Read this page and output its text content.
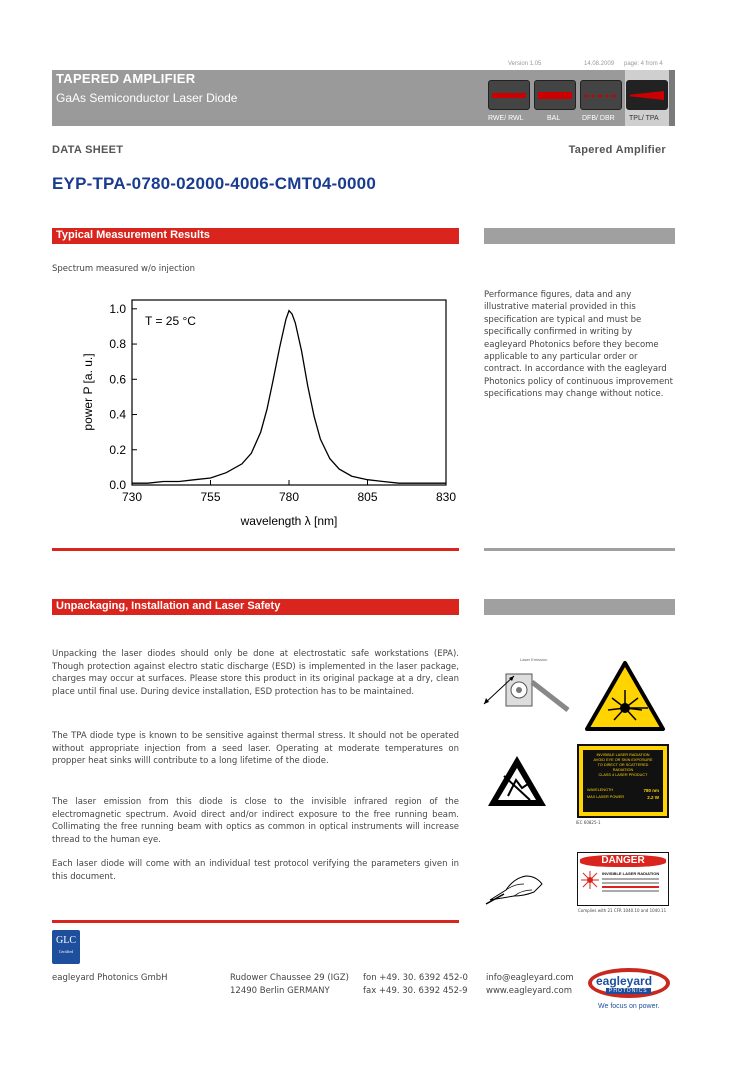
TAPERED AMPLIFIER
GaAs Semiconductor Laser Diode
Version 1.05	14.08.2009 page: 4 from 4
RWE/ RWL	BAL	DFB/ DBR TPL/ TPA
DATA SHEET	Tapered Amplifier
EYP-TPA-0780-02000-4006-CMT04-0000
Typical Measurement Results
Spectrum measured w/o injection
Performance figures, data and any illustrative material provided in this specification are typical and must be specifically confirmed in writing by eagleyard Photonics before they become applicable to any particular order or contract. In accordance with the eagleyard Photonics policy of continuous improvement specifications may change without notice.
730	755	780	805	830
0.0
0.2
0.4
0.6
0.8
1.0
T = 25 °C
wavelength λ [nm]
power P [a. u.]
Unpackaging, Installation and Laser Safety
Unpacking the laser diodes should only be done at electrostatic safe workstations (EPA). Though protection against electro static discharge (ESD) is implemented in the laser package, charges may occur at surfaces. Please store this product in its original package at a dry, clean place until final use. During device installation, ESD protection has to be maintained.
The TPA diode type is known to be sensitive against thermal stress. It should not be operated without appropriate injection from a seed laser. Operating at moderate temperatures on propper heat sinks willl contribute to a long lifetime of the diode.
The laser emission from this diode is close to the invisible infrared region of the electromagnetic spectrum. Avoid direct and/or indirect exposure to the free running beam. Collimating the free running beam with optics as common in optical instruments will increase thread to the human eye.
Each laser diode will come with an individual test protocol verifying the parameters given in this document.
Laser Emission
INVISIBLE LASER RADIATION
AVOID EYE OR SKIN EXPOSURE
TO DIRECT OR SCATTERED RADIATION
CLASS 4 LASER PRODUCT
WAVELENGTH	780 nm
MAX LASER POWER	2.2 W
IEC 60825-1
DANGER
INVISIBLE LASER RADIATION
Complies with 21 CFR 1040.10 and 1040.11
GLC
Certified
eagleyard Photonics GmbH	Rudower Chaussee 29 (IGZ)
12490 Berlin GERMANY
fon +49. 30. 6392 452-0
fax +49. 30. 6392 452-9
info@eagleyard.com
www.eagleyard.com
eagleyard
PHOTONICS
We focus on power.
